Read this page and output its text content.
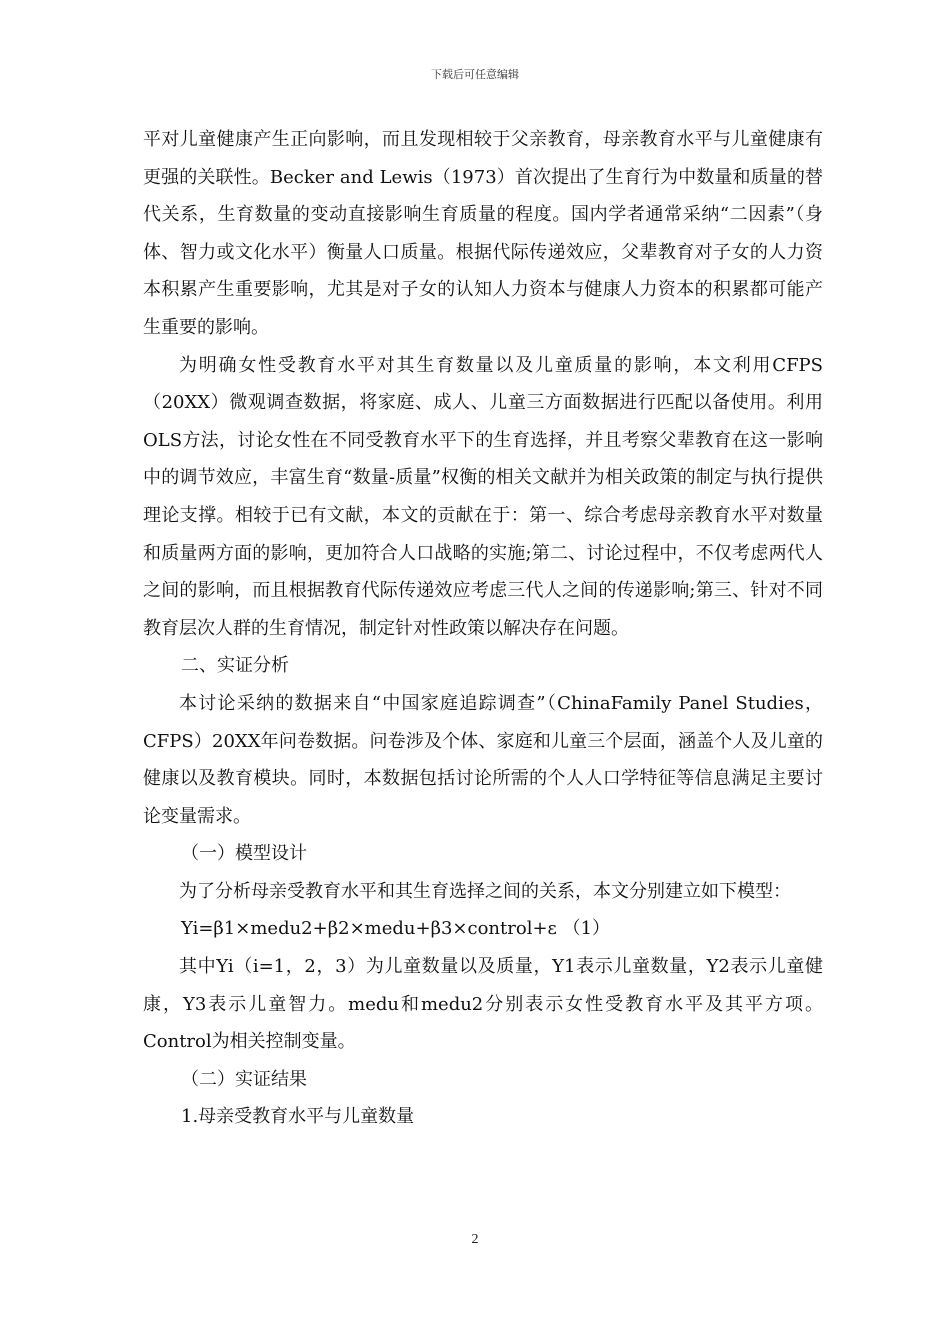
下载后可任意编辑

平对儿童健康产生正向影响，而且发现相较于父亲教育，母亲教育水平与儿童健康有更强的关联性。Becker and Lewis（1973）首次提出了生育行为中数量和质量的替代关系，生育数量的变动直接影响生育质量的程度。国内学者通常采纳“二因素”（身体、智力或文化水平）衡量人口质量。根据代际传递效应，父辈教育对子女的人力资本积累产生重要影响，尤其是对子女的认知人力资本与健康人力资本的积累都可能产生重要的影响。

为明确女性受教育水平对其生育数量以及儿童质量的影响，本文利用CFPS（20XX）微观调查数据，将家庭、成人、儿童三方面数据进行匹配以备使用。利用OLS方法，讨论女性在不同受教育水平下的生育选择，并且考察父辈教育在这一影响中的调节效应，丰富生育“数量-质量”权衡的相关文献并为相关政策的制定与执行提供理论支撑。相较于已有文献，本文的贡献在于：第一、综合考虑母亲教育水平对数量和质量两方面的影响，更加符合人口战略的实施;第二、讨论过程中，不仅考虑两代人之间的影响，而且根据教育代际传递效应考虑三代人之间的传递影响;第三、针对不同教育层次人群的生育情况，制定针对性政策以解决存在问题。

二、实证分析

本讨论采纳的数据来自“中国家庭追踪调查”（ChinaFamily Panel Studies，CFPS）20XX年问卷数据。问卷涉及个体、家庭和儿童三个层面，涵盖个人及儿童的健康以及教育模块。同时，本数据包括讨论所需的个人人口学特征等信息满足主要讨论变量需求。

（一）模型设计

为了分析母亲受教育水平和其生育选择之间的关系，本文分别建立如下模型：

Yi=β1×medu2+β2×medu+β3×control+ε （1）

其中Yi（i=1，2，3）为儿童数量以及质量，Y1表示儿童数量，Y2表示儿童健康，Y3表示儿童智力。medu和medu2分别表示女性受教育水平及其平方项。Control为相关控制变量。

（二）实证结果

1.母亲受教育水平与儿童数量

2
